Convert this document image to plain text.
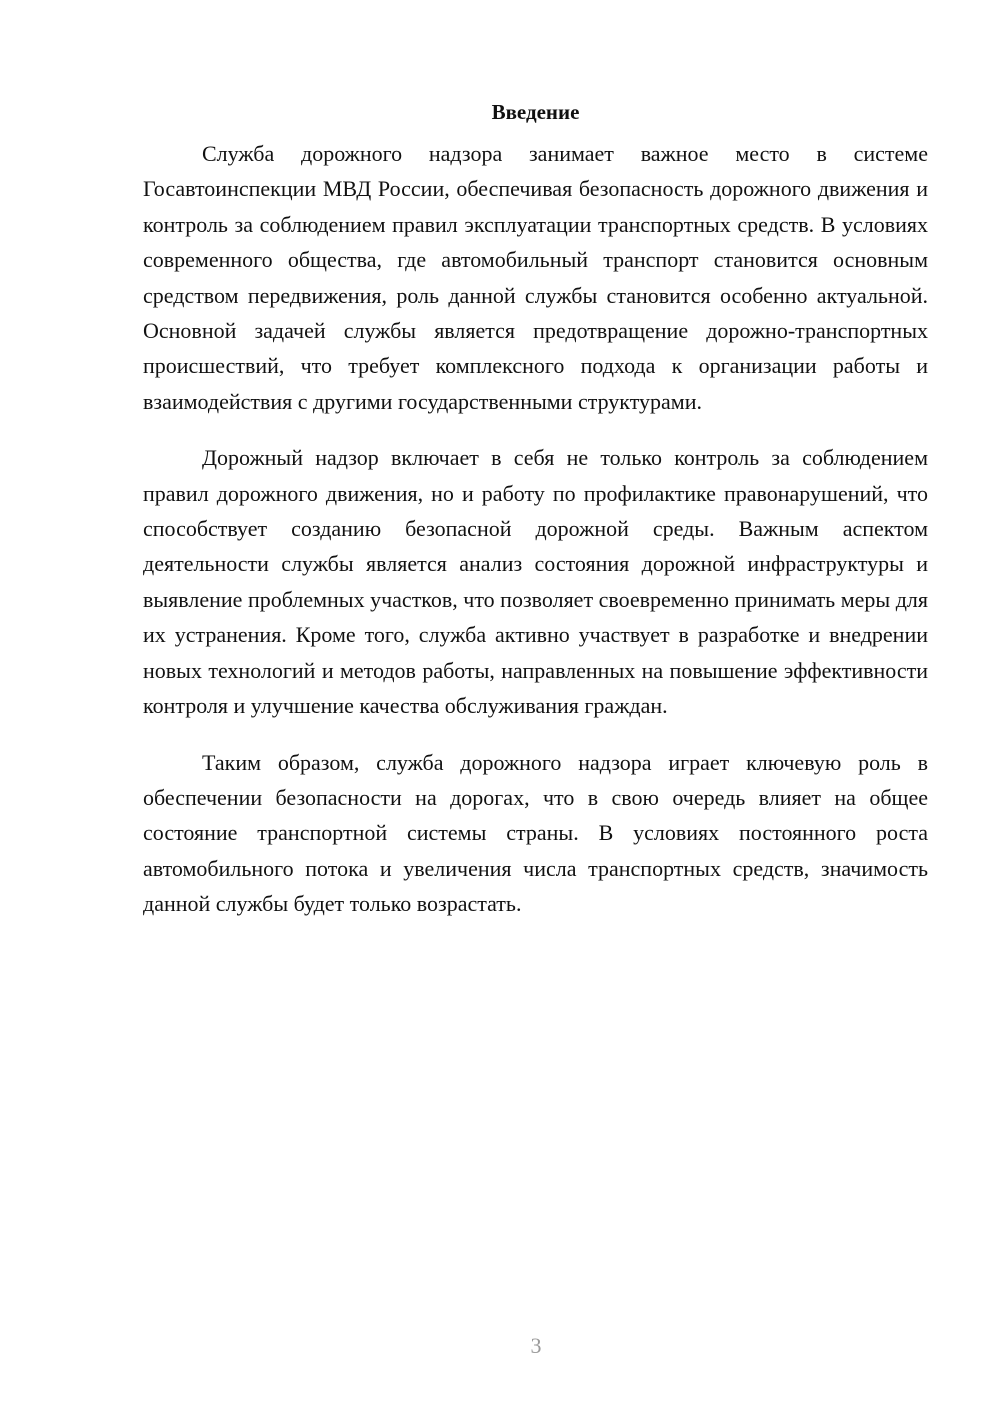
Введение

Служба дорожного надзора занимает важное место в системе Госавтоинспекции МВД России, обеспечивая безопасность дорожного движения и контроль за соблюдением правил эксплуатации транспортных средств. В условиях современного общества, где автомобильный транспорт становится основным средством передвижения, роль данной службы становится особенно актуальной. Основной задачей службы является предотвращение дорожно-транспортных происшествий, что требует комплексного подхода к организации работы и взаимодействия с другими государственными структурами.

Дорожный надзор включает в себя не только контроль за соблюдением правил дорожного движения, но и работу по профилактике правонарушений, что способствует созданию безопасной дорожной среды. Важным аспектом деятельности службы является анализ состояния дорожной инфраструктуры и выявление проблемных участков, что позволяет своевременно принимать меры для их устранения. Кроме того, служба активно участвует в разработке и внедрении новых технологий и методов работы, направленных на повышение эффективности контроля и улучшение качества обслуживания граждан.

Таким образом, служба дорожного надзора играет ключевую роль в обеспечении безопасности на дорогах, что в свою очередь влияет на общее состояние транспортной системы страны. В условиях постоянного роста автомобильного потока и увеличения числа транспортных средств, значимость данной службы будет только возрастать.

3
